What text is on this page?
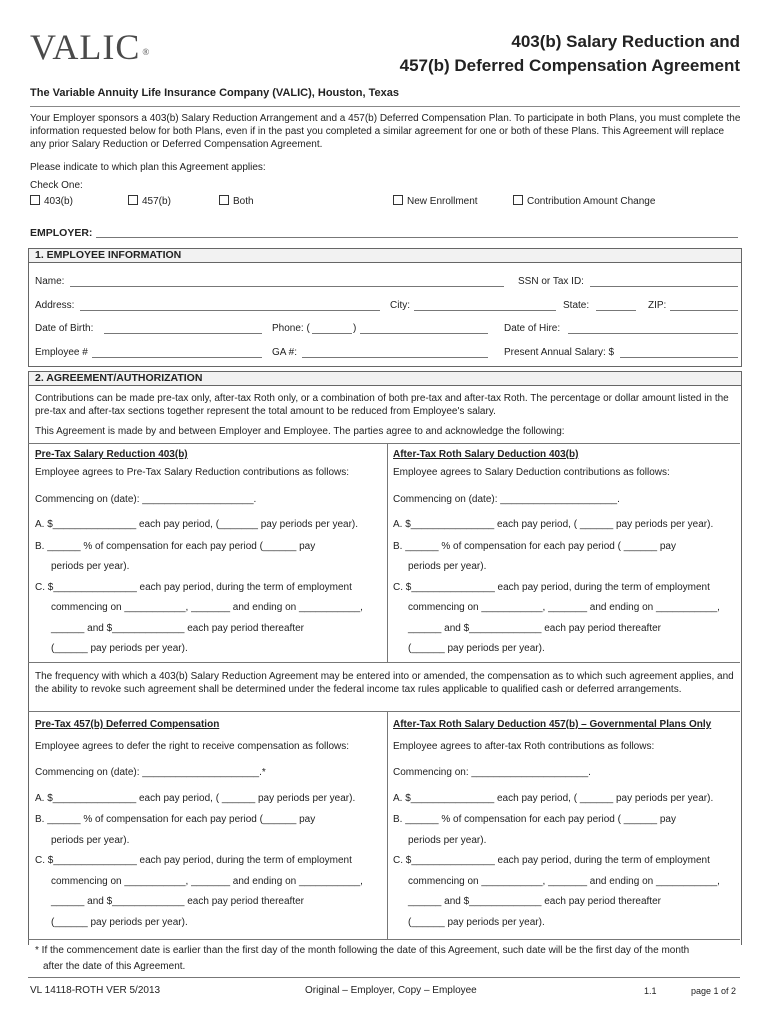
VALIC ®
403(b) Salary Reduction and
457(b) Deferred Compensation Agreement
The Variable Annuity Life Insurance Company (VALIC), Houston, Texas
Your Employer sponsors a 403(b) Salary Reduction Arrangement and a 457(b) Deferred Compensation Plan. To participate in both Plans, you must complete the information requested below for both Plans, even if in the past you completed a similar agreement for one or both of these Plans. This Agreement will replace any prior Salary Reduction or Deferred Compensation Agreement.
Please indicate to which plan this Agreement applies:
Check One:
403(b)	457(b)	Both	New Enrollment	Contribution Amount Change
EMPLOYER:
1. EMPLOYEE INFORMATION
Name:	SSN or Tax ID:
Address:	City:	State:	ZIP:
Date of Birth:	Phone: (	)	Date of Hire:
Employee #	GA #:	Present Annual Salary: $
2. AGREEMENT/AUTHORIZATION
Contributions can be made pre-tax only, after-tax Roth only, or a combination of both pre-tax and after-tax Roth. The percentage or dollar amount listed in the pre-tax and after-tax sections together represent the total amount to be reduced from Employee's salary.
This Agreement is made by and between Employer and Employee. The parties agree to and acknowledge the following:
Pre-Tax Salary Reduction 403(b)
Employee agrees to Pre-Tax Salary Reduction contributions as follows:
Commencing on (date): ____________________.
A. $_______________ each pay period, (_______ pay periods per year).
B. ______ % of compensation for each pay period (______ pay
periods per year).
C. $_______________ each pay period, during the term of employment
commencing on ___________, _______ and ending on ___________,
______ and $_____________ each pay period thereafter
(______ pay periods per year).
After-Tax Roth Salary Deduction 403(b)
Employee agrees to Salary Deduction contributions as follows:
Commencing on (date): _____________________.
A. $_______________ each pay period, ( ______ pay periods per year).
B. ______ % of compensation for each pay period ( ______ pay
periods per year).
C. $_______________ each pay period, during the term of employment
commencing on ___________, _______ and ending on ___________,
______ and $_____________ each pay period thereafter
(______ pay periods per year).
The frequency with which a 403(b) Salary Reduction Agreement may be entered into or amended, the compensation as to which such agreement applies, and the ability to revoke such agreement shall be determined under the federal income tax rules applicable to qualified cash or deferred arrangements.
Pre-Tax 457(b) Deferred Compensation
Employee agrees to defer the right to receive compensation as follows:
Commencing on (date): _____________________.*
A. $_______________ each pay period, ( ______ pay periods per year).
B. ______ % of compensation for each pay period (______ pay
periods per year).
C. $_______________ each pay period, during the term of employment
commencing on ___________, _______ and ending on ___________,
______ and $_____________ each pay period thereafter
(______ pay periods per year).
After-Tax Roth Salary Deduction 457(b) – Governmental Plans Only
Employee agrees to after-tax Roth contributions as follows:
Commencing on: _____________________.
A. $_______________ each pay period, ( ______ pay periods per year).
B. ______ % of compensation for each pay period ( ______ pay
periods per year).
C. $_______________ each pay period, during the term of employment
commencing on ___________, _______ and ending on ___________,
______ and $_____________ each pay period thereafter
(______ pay periods per year).
* If the commencement date is earlier than the first day of the month following the date of this Agreement, such date will be the first day of the month
after the date of this Agreement.
VL 14118-ROTH VER 5/2013	Original – Employer, Copy – Employee	1.1	page 1 of 2
